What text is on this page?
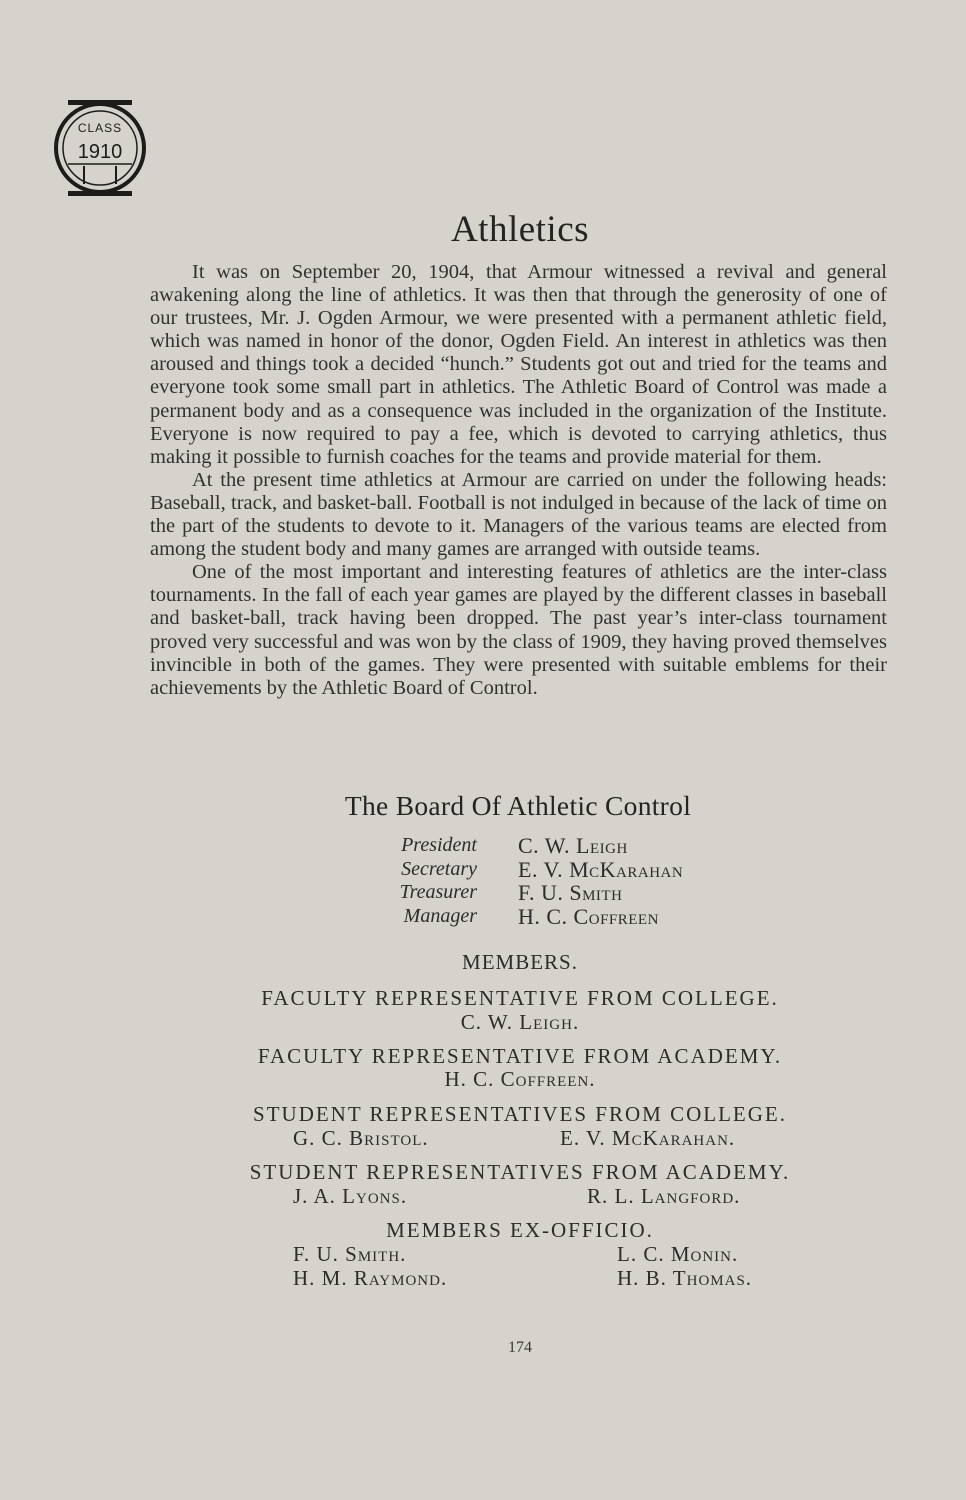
CLASS
1910
Athletics

It was on September 20, 1904, that Armour witnessed a revival and general awakening along the line of athletics. It was then that through the generosity of one of our trustees, Mr. J. Ogden Armour, we were presented with a permanent athletic field, which was named in honor of the donor, Ogden Field. An interest in athletics was then aroused and things took a decided “hunch.” Students got out and tried for the teams and everyone took some small part in athletics. The Athletic Board of Control was made a permanent body and as a consequence was included in the organization of the Institute. Everyone is now required to pay a fee, which is devoted to carrying athletics, thus making it possible to furnish coaches for the teams and provide material for them.

At the present time athletics at Armour are carried on under the following heads: Baseball, track, and basket-ball. Football is not indulged in because of the lack of time on the part of the students to devote to it. Managers of the various teams are elected from among the student body and many games are arranged with outside teams.

One of the most important and interesting features of athletics are the inter-class tournaments. In the fall of each year games are played by the different classes in baseball and basket-ball, track having been dropped. The past year’s inter-class tournament proved very successful and was won by the class of 1909, they having proved themselves invincible in both of the games. They were presented with suitable emblems for their achievements by the Athletic Board of Control.

The Board Of Athletic Control
President C. W. Leigh
Secretary E. V. McKarahan
Treasurer F. U. Smith
Manager H. C. Coffreen
MEMBERS.
FACULTY REPRESENTATIVE FROM COLLEGE.
C. W. Leigh.
FACULTY REPRESENTATIVE FROM ACADEMY.
H. C. Coffreen.
STUDENT REPRESENTATIVES FROM COLLEGE.
G. C. Bristol.	E. V. McKarahan.
STUDENT REPRESENTATIVES FROM ACADEMY.
J. A. Lyons.	R. L. Langford.
MEMBERS EX-OFFICIO.
F. U. Smith.	L. C. Monin.
H. M. Raymond.	H. B. Thomas.
174
